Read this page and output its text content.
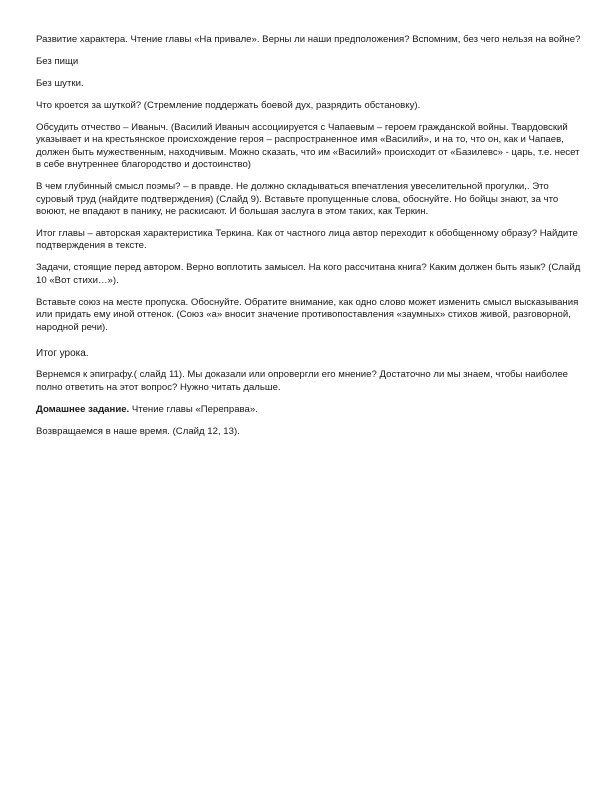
Развитие характера. Чтение главы «На привале». Верны ли наши предположения? Вспомним, без чего нельзя на войне?

Без пищи

Без шутки.

Что кроется за шуткой? (Стремление поддержать боевой дух, разрядить обстановку).

Обсудить отчество – Иваныч. (Василий Иваныч ассоциируется с Чапаевым – героем гражданской войны. Твардовский указывает и на крестьянское происхождение героя – распространенное имя «Василий», и на то, что он, как и Чапаев, должен быть мужественным, находчивым. Можно сказать, что им «Василий» происходит от «Базилевс» - царь, т.е. несет в себе внутреннее благородство и достоинство)

В чем глубинный смысл поэмы? – в правде. Не должно складываться впечатления увеселительной прогулки,. Это суровый труд (найдите подтверждения) (Слайд 9). Вставьте пропущенные слова, обоснуйте. Но бойцы знают, за что воюют, не впадают в панику, не раскисают. И большая заслуга в этом таких, как Теркин.

Итог главы – авторская характеристика Теркина. Как от частного лица автор переходит к обобщенному образу? Найдите подтверждения в тексте.

Задачи, стоящие перед автором. Верно воплотить замысел. На кого рассчитана книга? Каким должен быть язык? (Слайд 10 «Вот стихи…»).

Вставьте союз на месте пропуска. Обоснуйте. Обратите внимание, как одно слово может изменить смысл высказывания или придать ему иной оттенок. (Союз «а» вносит значение противопоставления «заумных» стихов живой, разговорной, народной речи).

Итог урока.

Вернемся к эпиграфу.( слайд 11). Мы доказали или опровергли его мнение? Достаточно ли мы знаем, чтобы наиболее полно ответить на этот вопрос? Нужно читать дальше.

Домашнее задание. Чтение главы «Переправа».

Возвращаемся в наше время. (Слайд 12, 13).
